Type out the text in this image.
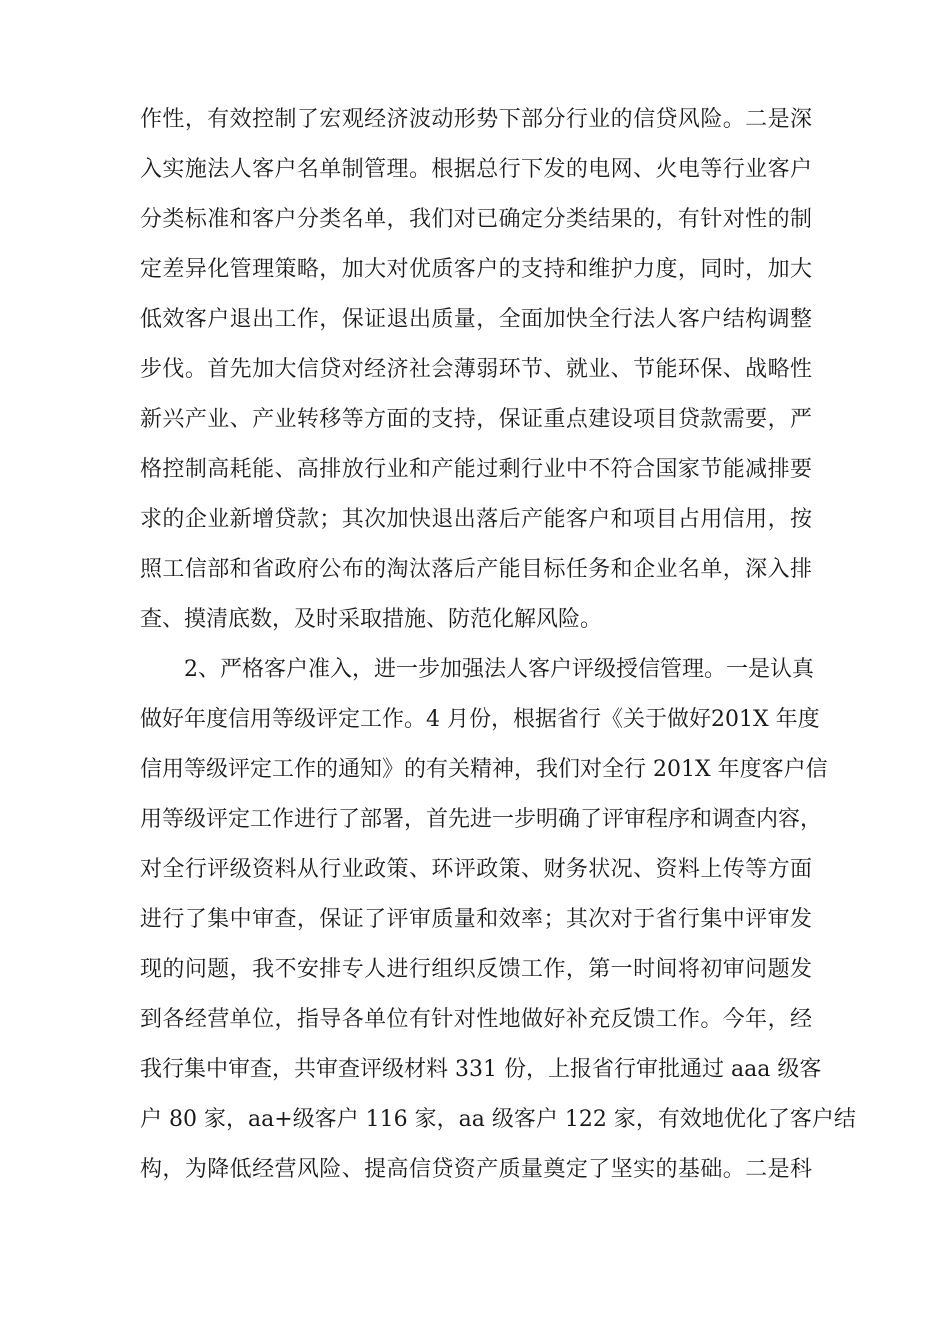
作性，有效控制了宏观经济波动形势下部分行业的信贷风险。二是深
入实施法人客户名单制管理。根据总行下发的电网、火电等行业客户
分类标准和客户分类名单，我们对已确定分类结果的，有针对性的制
定差异化管理策略，加大对优质客户的支持和维护力度，同时，加大
低效客户退出工作，保证退出质量，全面加快全行法人客户结构调整
步伐。首先加大信贷对经济社会薄弱环节、就业、节能环保、战略性
新兴产业、产业转移等方面的支持，保证重点建设项目贷款需要，严
格控制高耗能、高排放行业和产能过剩行业中不符合国家节能减排要
求的企业新增贷款；其次加快退出落后产能客户和项目占用信用，按
照工信部和省政府公布的淘汰落后产能目标任务和企业名单，深入排
查、摸清底数，及时采取措施、防范化解风险。
2、严格客户准入，进一步加强法人客户评级授信管理。一是认真
做好年度信用等级评定工作。4 月份，根据省行《关于做好201X 年度
信用等级评定工作的通知》的有关精神，我们对全行 201X 年度客户信
用等级评定工作进行了部署，首先进一步明确了评审程序和调查内容，
对全行评级资料从行业政策、环评政策、财务状况、资料上传等方面
进行了集中审查，保证了评审质量和效率；其次对于省行集中评审发
现的问题，我不安排专人进行组织反馈工作，第一时间将初审问题发
到各经营单位，指导各单位有针对性地做好补充反馈工作。今年，经
我行集中审查，共审查评级材料 331 份，上报省行审批通过 aaa 级客
户 80 家，aa+级客户 116 家，aa 级客户 122 家，有效地优化了客户结
构，为降低经营风险、提高信贷资产质量奠定了坚实的基础。二是科
